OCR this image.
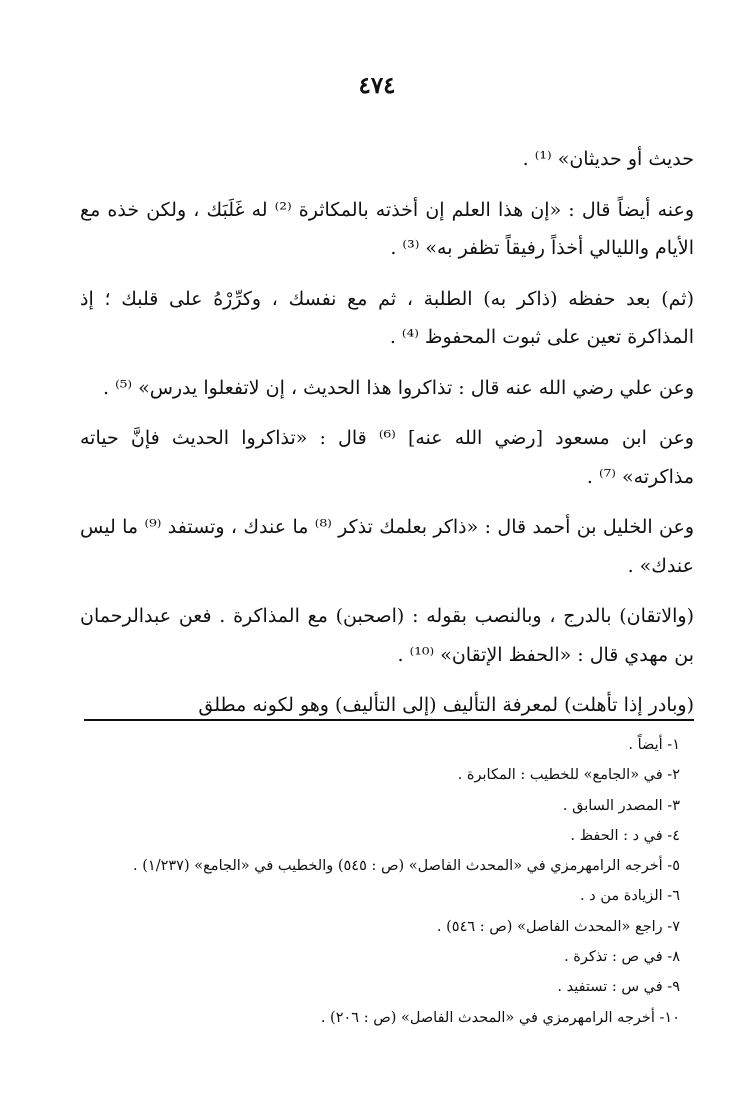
٤٧٤

حديث أو حديثان» ⁽¹⁾ .

وعنه أيضاً قال : «إن هذا العلم إن أخذته بالمكاثرة ⁽²⁾ له غَلَبَك ، ولكن خذه مع الأيام والليالي أخذاً رفيقاً تظفر به» ⁽³⁾ .

(ثم) بعد حفظه (ذاكر به) الطلبة ، ثم مع نفسك ، وكرِّرْهُ على قلبك ؛ إذ المذاكرة تعين على ثبوت المحفوظ ⁽⁴⁾ .

وعن علي رضي الله عنه قال : تذاكروا هذا الحديث ، إن لاتفعلوا يدرس» ⁽⁵⁾ .

وعن ابن مسعود [رضي الله عنه] ⁽⁶⁾ قال : «تذاكروا الحديث فإنَّ حياته مذاكرته» ⁽⁷⁾ .

وعن الخليل بن أحمد قال : «ذاكر بعلمك تذكر ⁽⁸⁾ ما عندك ، وتستفد ⁽⁹⁾ ما ليس عندك» .

(والاتقان) بالدرج ، وبالنصب بقوله : (اصحبن) مع المذاكرة . فعن عبدالرحمان بن مهدي قال : «الحفظ الإتقان» ⁽¹⁰⁾ .

(وبادر إذا تأهلت) لمعرفة التأليف (إلى التأليف) وهو لكونه مطلق

١- أيضاً .
٢- في «الجامع» للخطيب : المكابرة .
٣- المصدر السابق .
٤- في د : الحفظ .
٥- أخرجه الرامهرمزي في «المحدث الفاصل» (ص : ٥٤٥) والخطيب في «الجامع» (١/٢٣٧) .
٦- الزيادة من د .
٧- راجع «المحدث الفاصل» (ص : ٥٤٦) .
٨- في ص : تذكرة .
٩- في س : تستفيد .
١٠- أخرجه الرامهرمزي في «المحدث الفاصل» (ص : ٢٠٦) .
